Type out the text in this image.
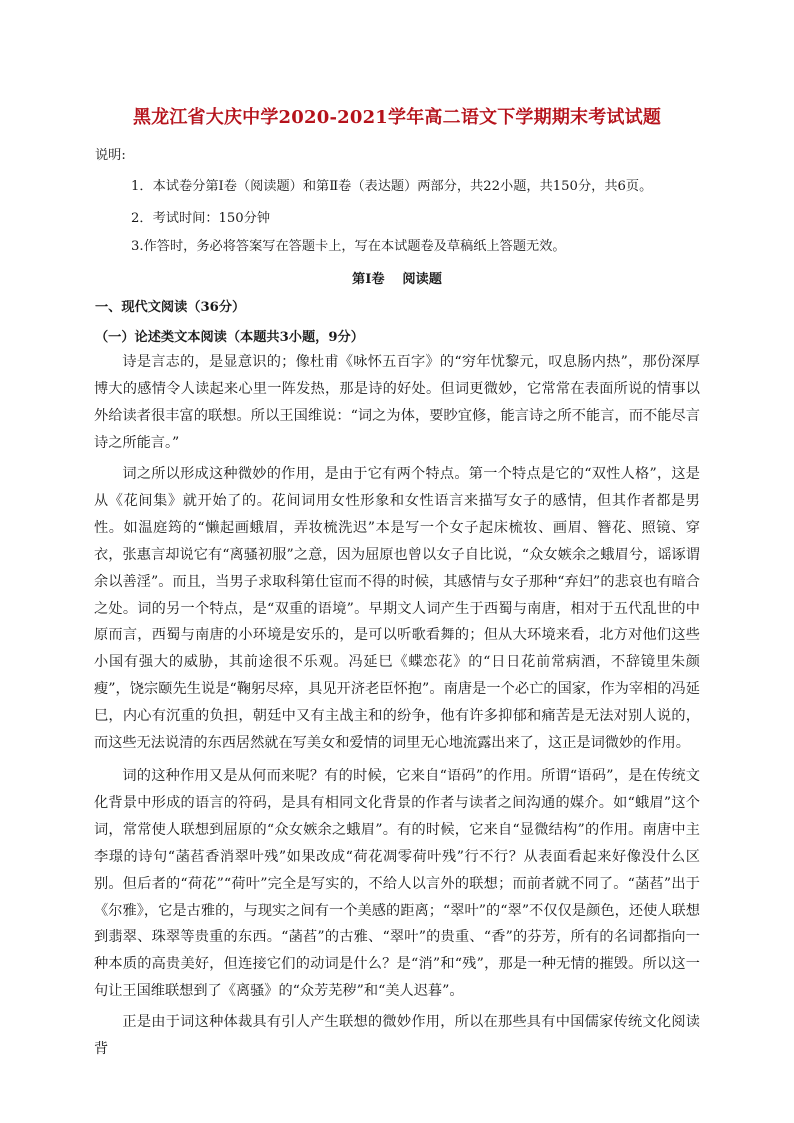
黑龙江省大庆中学2020-2021学年高二语文下学期期末考试试题
说明:
1．本试卷分第Ⅰ卷（阅读题）和第Ⅱ卷（表达题）两部分，共22小题，共150分，共6页。
2．考试时间：150分钟
3.作答时，务必将答案写在答题卡上，写在本试题卷及草稿纸上答题无效。
第Ⅰ卷　 阅读题
一、现代文阅读（36分）
（一）论述类文本阅读（本题共3小题，9分）

诗是言志的，是显意识的；像杜甫《咏怀五百字》的“穷年忧黎元，叹息肠内热”，那份深厚博大的感情令人读起来心里一阵发热，那是诗的好处。但词更微妙，它常常在表面所说的情事以外给读者很丰富的联想。所以王国维说：“词之为体，要眇宜修，能言诗之所不能言，而不能尽言诗之所能言。”

词之所以形成这种微妙的作用，是由于它有两个特点。第一个特点是它的“双性人格”，这是从《花间集》就开始了的。花间词用女性形象和女性语言来描写女子的感情，但其作者都是男性。如温庭筠的“懒起画蛾眉，弄妆梳洗迟”本是写一个女子起床梳妆、画眉、簪花、照镜、穿衣，张惠言却说它有“离骚初服”之意，因为屈原也曾以女子自比说，“众女嫉余之蛾眉兮，谣诼谓余以善淫”。而且，当男子求取科第仕宦而不得的时候，其感情与女子那种“弃妇”的悲哀也有暗合之处。词的另一个特点，是“双重的语境”。早期文人词产生于西蜀与南唐，相对于五代乱世的中原而言，西蜀与南唐的小环境是安乐的，是可以听歌看舞的；但从大环境来看，北方对他们这些小国有强大的威胁，其前途很不乐观。冯延巳《蝶恋花》的“日日花前常病酒，不辞镜里朱颜瘦”，饶宗颐先生说是“鞠躬尽瘁，具见开济老臣怀抱”。南唐是一个必亡的国家，作为宰相的冯延巳，内心有沉重的负担，朝廷中又有主战主和的纷争，他有许多抑郁和痛苦是无法对别人说的，而这些无法说清的东西居然就在写美女和爱情的词里无心地流露出来了，这正是词微妙的作用。

词的这种作用又是从何而来呢？有的时候，它来自“语码”的作用。所谓“语码”，是在传统文化背景中形成的语言的符码，是具有相同文化背景的作者与读者之间沟通的媒介。如“蛾眉”这个词，常常使人联想到屈原的“众女嫉余之蛾眉”。有的时候，它来自“显微结构”的作用。南唐中主李璟的诗句“菡萏香消翠叶残”如果改成“荷花凋零荷叶残”行不行？从表面看起来好像没什么区别。但后者的“荷花”“荷叶”完全是写实的，不给人以言外的联想；而前者就不同了。“菡萏”出于《尔雅》，它是古雅的，与现实之间有一个美感的距离；“翠叶”的“翠”不仅仅是颜色，还使人联想到翡翠、珠翠等贵重的东西。“菡萏”的古雅、“翠叶”的贵重、“香”的芬芳，所有的名词都指向一种本质的高贵美好，但连接它们的动词是什么？是“消”和“残”，那是一种无情的摧毁。所以这一句让王国维联想到了《离骚》的“众芳芜秽”和“美人迟暮”。

正是由于词这种体裁具有引人产生联想的微妙作用，所以在那些具有中国儒家传统文化阅读背
